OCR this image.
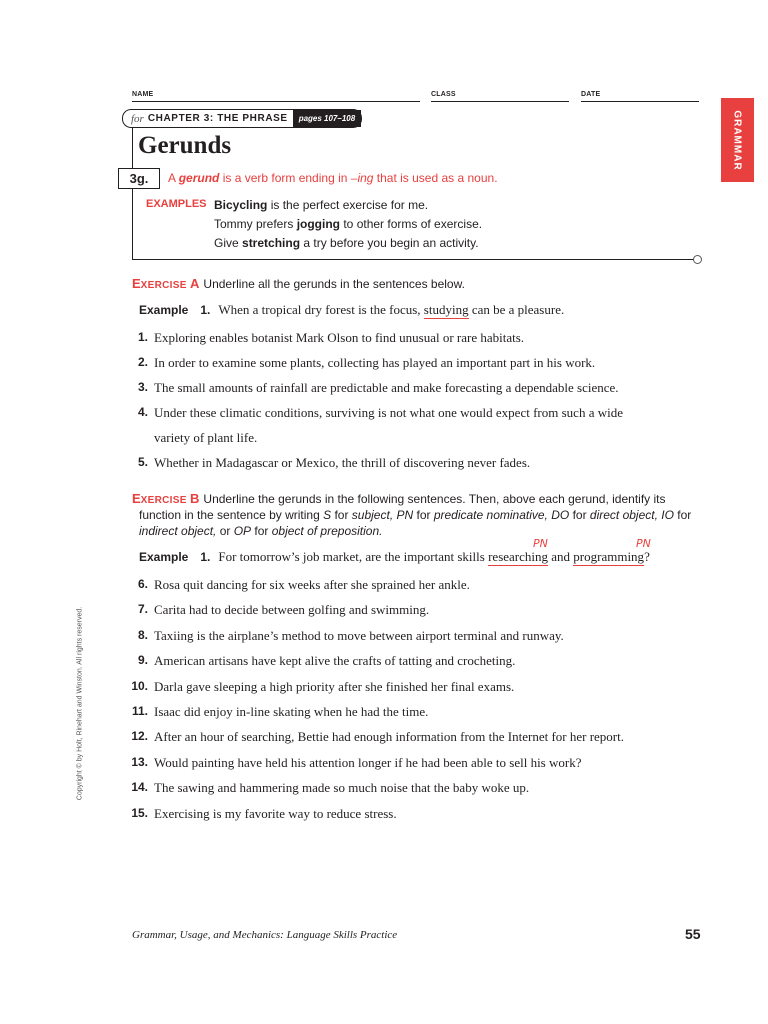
NAME	CLASS	DATE
GRAMMAR
for CHAPTER 3: THE PHRASE	pages 107–108
Gerunds
3g.	A gerund is a verb form ending in –ing that is used as a noun.
EXAMPLES Bicycling is the perfect exercise for me.
Tommy prefers jogging to other forms of exercise.
Give stretching a try before you begin an activity.
EXERCISE A Underline all the gerunds in the sentences below.
Example 1. When a tropical dry forest is the focus, studying can be a pleasure.
1. Exploring enables botanist Mark Olson to find unusual or rare habitats.
2. In order to examine some plants, collecting has played an important part in his work.
3. The small amounts of rainfall are predictable and make forecasting a dependable science.
4. Under these climatic conditions, surviving is not what one would expect from such a wide
variety of plant life.
5. Whether in Madagascar or Mexico, the thrill of discovering never fades.
EXERCISE B Underline the gerunds in the following sentences. Then, above each gerund, identify its
function in the sentence by writing S for subject, PN for predicate nominative, DO for direct object, IO for
indirect object, or OP for object of preposition.
PN	PN
Example 1. For tomorrow’s job market, are the important skills researching and programming?
6. Rosa quit dancing for six weeks after she sprained her ankle.
7. Carita had to decide between golfing and swimming.
8. Taxiing is the airplane’s method to move between airport terminal and runway.
9. American artisans have kept alive the crafts of tatting and crocheting.
10. Darla gave sleeping a high priority after she finished her final exams.
11. Isaac did enjoy in-line skating when he had the time.
12. After an hour of searching, Bettie had enough information from the Internet for her report.
13. Would painting have held his attention longer if he had been able to sell his work?
14. The sawing and hammering made so much noise that the baby woke up.
15. Exercising is my favorite way to reduce stress.
Copyright © by Holt, Rinehart and Winston. All rights reserved.
Grammar, Usage, and Mechanics: Language Skills Practice	55
